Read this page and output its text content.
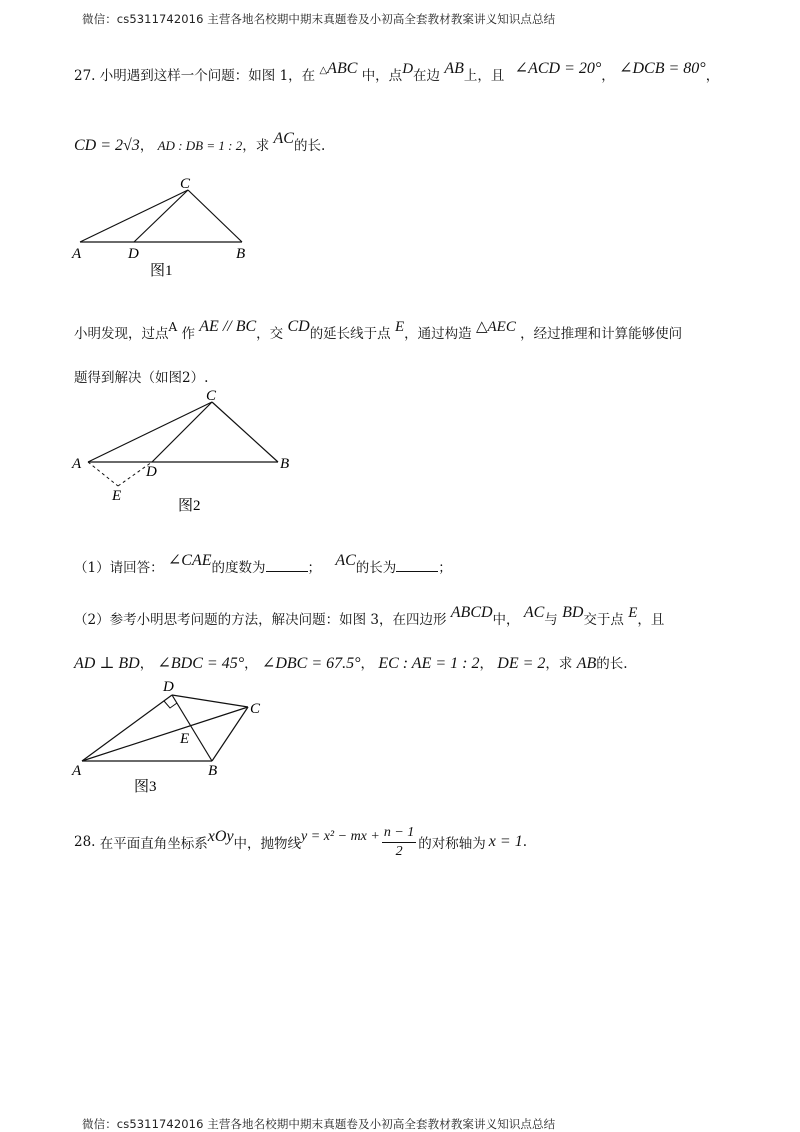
微信：cs5311742016 主营各地名校期中期末真题卷及小初高全套教材教案讲义知识点总结
27. 小明遇到这样一个问题：如图 1，在 △ABC 中，点D在边 AB上，且 ∠ACD = 20°， ∠DCB = 80°，
CD = 2√3， AD : DB = 1 : 2，求 AC的长.
C
A	D	B
图1
小明发现，过点A 作 AE // BC，交 CD的延长线于点 E，通过构造 △AEC ，经过推理和计算能够使问
题得到解决（如图2）.
C
A	D	B
E
图2
（1）请回答： ∠CAE的度数为	； AC的长为	；
（2）参考小明思考问题的方法，解决问题：如图 3，在四边形 ABCD中， AC与 BD交于点 E，且
AD ⊥ BD， ∠BDC = 45°， ∠DBC = 67.5°， EC : AE = 1 : 2， DE = 2，求 AB的长.
D
C
E
A	B
图3
28.
在平面直角坐标系 xOy 中，抛物线 y = x² − mx + $\frac{n - 1}{2}$ 的对称轴为 x = 1 .
微信：cs5311742016 主营各地名校期中期末真题卷及小初高全套教材教案讲义知识点总结
